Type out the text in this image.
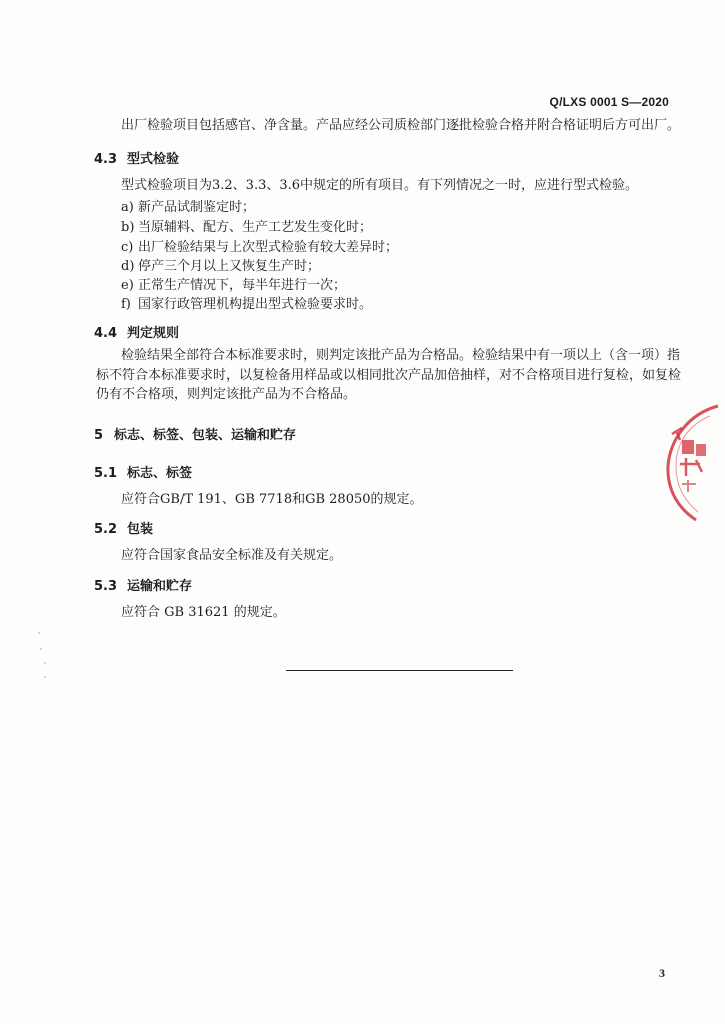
Q/LXS 0001 S—2020
出厂检验项目包括感官、净含量。产品应经公司质检部门逐批检验合格并附合格证明后方可出厂。
4.3 型式检验
型式检验项目为3.2、3.3、3.6中规定的所有项目。有下列情况之一时，应进行型式检验。
a) 新产品试制鉴定时；
b) 当原辅料、配方、生产工艺发生变化时；
c) 出厂检验结果与上次型式检验有较大差异时；
d) 停产三个月以上又恢复生产时；
e) 正常生产情况下，每半年进行一次；
f) 国家行政管理机构提出型式检验要求时。
4.4 判定规则
检验结果全部符合本标准要求时，则判定该批产品为合格品。检验结果中有一项以上（含一项）指
标不符合本标准要求时，以复检备用样品或以相同批次产品加倍抽样，对不合格项目进行复检，如复检
仍有不合格项，则判定该批产品为不合格品。
5 标志、标签、包装、运输和贮存
5.1 标志、标签
应符合GB/T 191、GB 7718和GB 28050的规定。
5.2 包装
应符合国家食品安全标准及有关规定。
5.3 运输和贮存
应符合 GB 31621 的规定。
3
